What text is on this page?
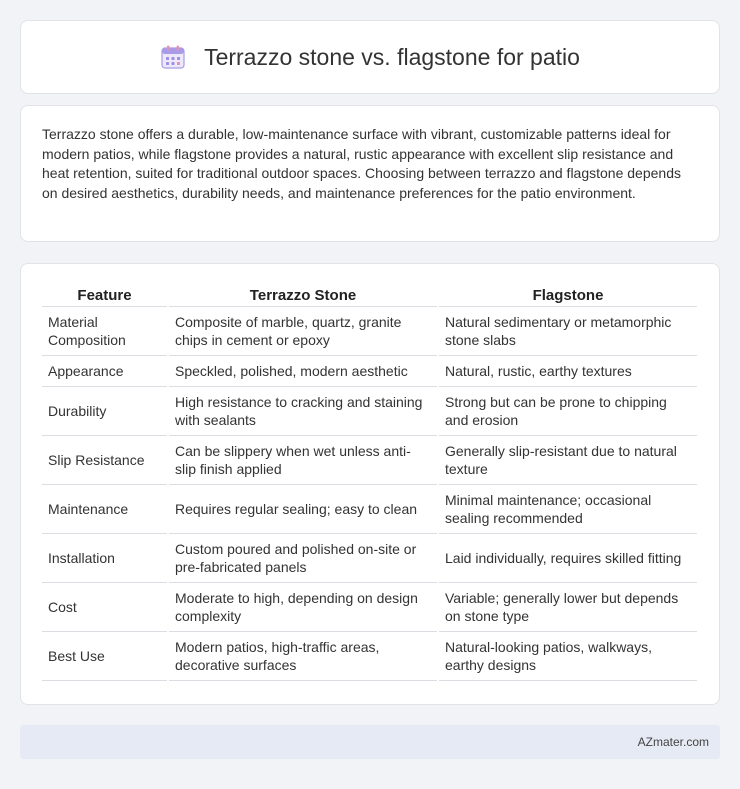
Terrazzo stone vs. flagstone for patio

Terrazzo stone offers a durable, low-maintenance surface with vibrant, customizable patterns ideal for modern patios, while flagstone provides a natural, rustic appearance with excellent slip resistance and heat retention, suited for traditional outdoor spaces. Choosing between terrazzo and flagstone depends on desired aesthetics, durability needs, and maintenance preferences for the patio environment.

Feature	Terrazzo Stone	Flagstone
Material Composition	Composite of marble, quartz, granite chips in cement or epoxy	Natural sedimentary or metamorphic stone slabs
Appearance	Speckled, polished, modern aesthetic	Natural, rustic, earthy textures
Durability	High resistance to cracking and staining with sealants	Strong but can be prone to chipping and erosion
Slip Resistance	Can be slippery when wet unless anti-slip finish applied	Generally slip-resistant due to natural texture
Maintenance	Requires regular sealing; easy to clean	Minimal maintenance; occasional sealing recommended
Installation	Custom poured and polished on-site or pre-fabricated panels	Laid individually, requires skilled fitting
Cost	Moderate to high, depending on design complexity	Variable; generally lower but depends on stone type
Best Use	Modern patios, high-traffic areas, decorative surfaces	Natural-looking patios, walkways, earthy designs
AZmater.com
